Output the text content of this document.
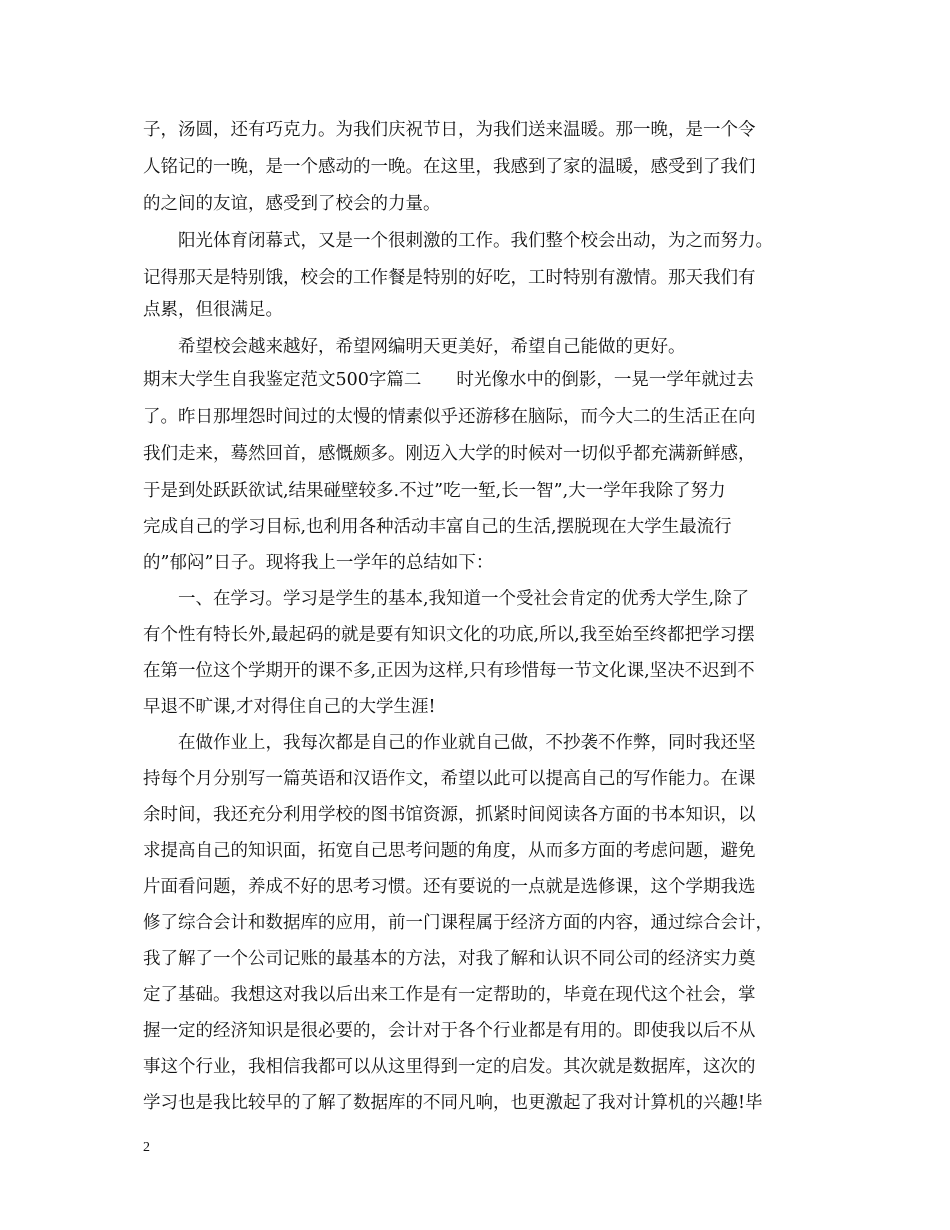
子，汤圆，还有巧克力。为我们庆祝节日，为我们送来温暖。那一晚，是一个令
人铭记的一晚，是一个感动的一晚。在这里，我感到了家的温暖，感受到了我们
的之间的友谊，感受到了校会的力量。
　　阳光体育闭幕式，又是一个很刺激的工作。我们整个校会出动，为之而努力。
记得那天是特别饿，校会的工作餐是特别的好吃，工时特别有激情。那天我们有
点累，但很满足。
　　希望校会越来越好，希望网编明天更美好，希望自己能做的更好。
期末大学生自我鉴定范文500字篇二　　时光像水中的倒影，一晃一学年就过去
了。昨日那埋怨时间过的太慢的情素似乎还游移在脑际，而今大二的生活正在向
我们走来，蓦然回首，感慨颇多。刚迈入大学的时候对一切似乎都充满新鲜感，
于是到处跃跃欲试,结果碰壁较多.不过”吃一堑,长一智”,大一学年我除了努力
完成自己的学习目标,也利用各种活动丰富自己的生活,摆脱现在大学生最流行
的”郁闷”日子。现将我上一学年的总结如下：
　　一、在学习。学习是学生的基本,我知道一个受社会肯定的优秀大学生,除了
有个性有特长外,最起码的就是要有知识文化的功底,所以,我至始至终都把学习摆
在第一位这个学期开的课不多,正因为这样,只有珍惜每一节文化课,坚决不迟到不
早退不旷课,才对得住自己的大学生涯!
　　在做作业上，我每次都是自己的作业就自己做，不抄袭不作弊，同时我还坚
持每个月分别写一篇英语和汉语作文，希望以此可以提高自己的写作能力。在课
余时间，我还充分利用学校的图书馆资源，抓紧时间阅读各方面的书本知识，以
求提高自己的知识面，拓宽自己思考问题的角度，从而多方面的考虑问题，避免
片面看问题，养成不好的思考习惯。还有要说的一点就是选修课，这个学期我选
修了综合会计和数据库的应用，前一门课程属于经济方面的内容，通过综合会计，
我了解了一个公司记账的最基本的方法，对我了解和认识不同公司的经济实力奠
定了基础。我想这对我以后出来工作是有一定帮助的，毕竟在现代这个社会，掌
握一定的经济知识是很必要的，会计对于各个行业都是有用的。即使我以后不从
事这个行业，我相信我都可以从这里得到一定的启发。其次就是数据库，这次的
学习也是我比较早的了解了数据库的不同凡响，也更激起了我对计算机的兴趣!毕
2
